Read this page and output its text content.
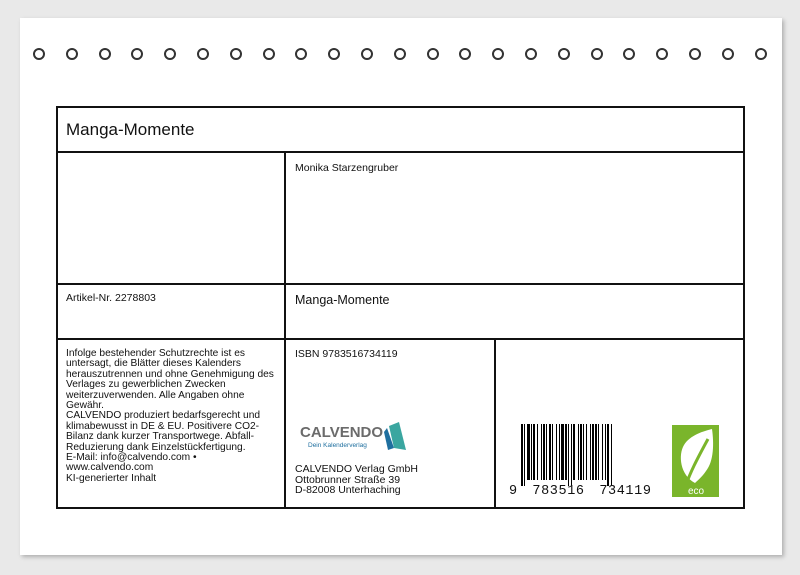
Manga-Momente
Monika Starzengruber
Artikel-Nr. 2278803	Manga-Momente
ISBN 9783516734119
Infolge bestehender Schutzrechte ist es
untersagt, die Blätter dieses Kalenders
herauszutrennen und ohne Genehmigung des
Verlages zu gewerblichen Zwecken
weiterzuverwenden. Alle Angaben ohne
Gewähr.
CALVENDO produziert bedarfsgerecht und
klimabewusst in DE & EU. Positivere CO2-
Bilanz dank kurzer Transportwege. Abfall-
Reduzierung dank Einzelstückfertigung.
E-Mail: info@calvendo.com •
www.calvendo.com
KI-generierter Inhalt
CALVENDO
Dein Kalenderverlag
CALVENDO Verlag GmbH
Ottobrunner Straße 39
D-82008 Unterhaching	9 783516 734119	eco
